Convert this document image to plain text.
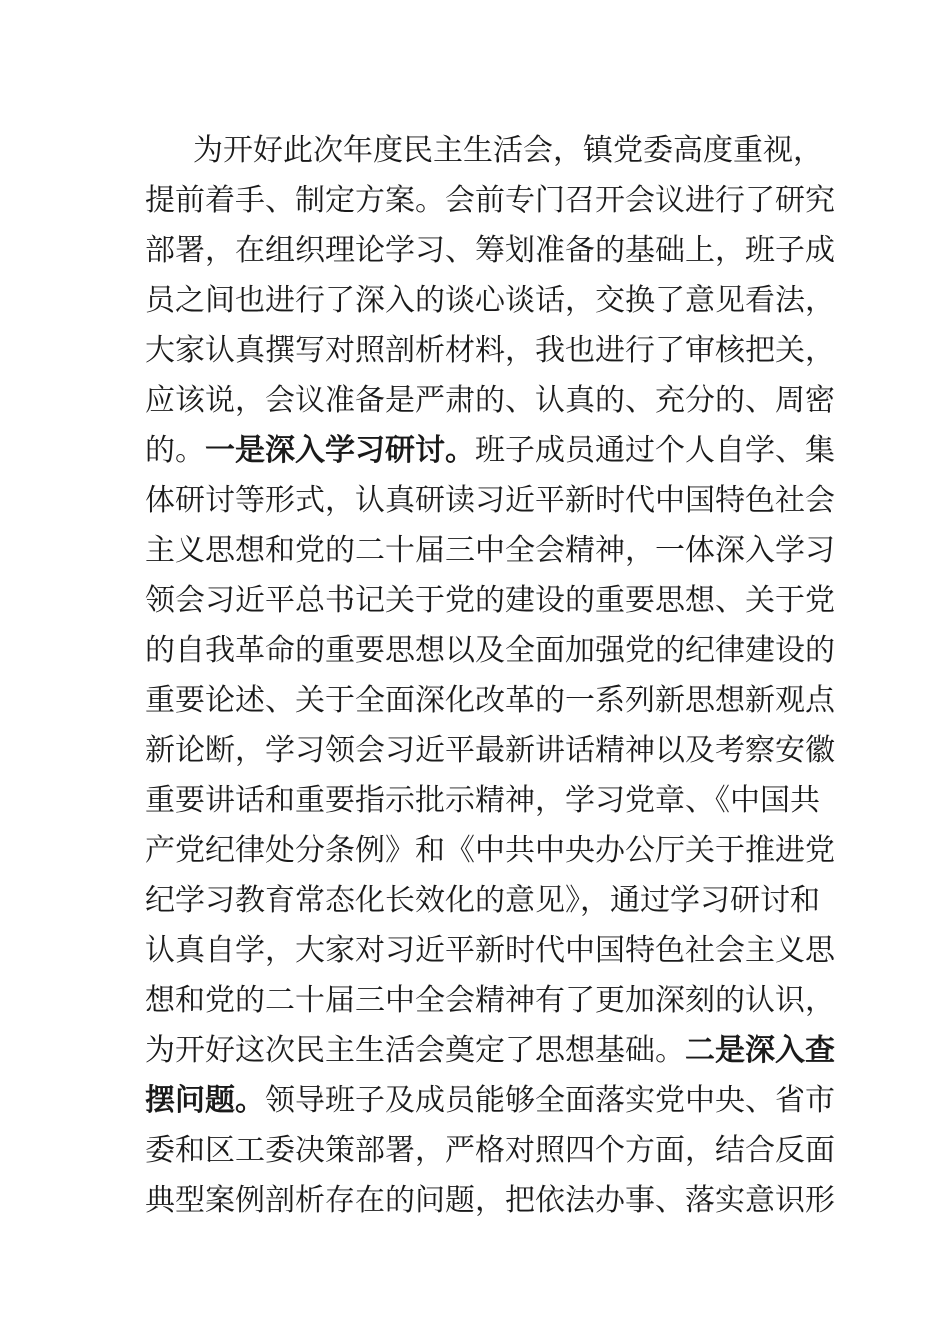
为开好此次年度民主生活会，镇党委高度重视，
提前着手、制定方案。会前专门召开会议进行了研究
部署，在组织理论学习、筹划准备的基础上，班子成
员之间也进行了深入的谈心谈话，交换了意见看法，
大家认真撰写对照剖析材料，我也进行了审核把关，
应该说，会议准备是严肃的、认真的、充分的、周密
的。一是深入学习研讨。班子成员通过个人自学、集
体研讨等形式，认真研读习近平新时代中国特色社会
主义思想和党的二十届三中全会精神，一体深入学习
领会习近平总书记关于党的建设的重要思想、关于党
的自我革命的重要思想以及全面加强党的纪律建设的
重要论述、关于全面深化改革的一系列新思想新观点
新论断，学习领会习近平最新讲话精神以及考察安徽
重要讲话和重要指示批示精神，学习党章、《中国共
产党纪律处分条例》和《中共中央办公厅关于推进党
纪学习教育常态化长效化的意见》，通过学习研讨和
认真自学，大家对习近平新时代中国特色社会主义思
想和党的二十届三中全会精神有了更加深刻的认识，
为开好这次民主生活会奠定了思想基础。二是深入查
摆问题。领导班子及成员能够全面落实党中央、省市
委和区工委决策部署，严格对照四个方面，结合反面
典型案例剖析存在的问题，把依法办事、落实意识形
